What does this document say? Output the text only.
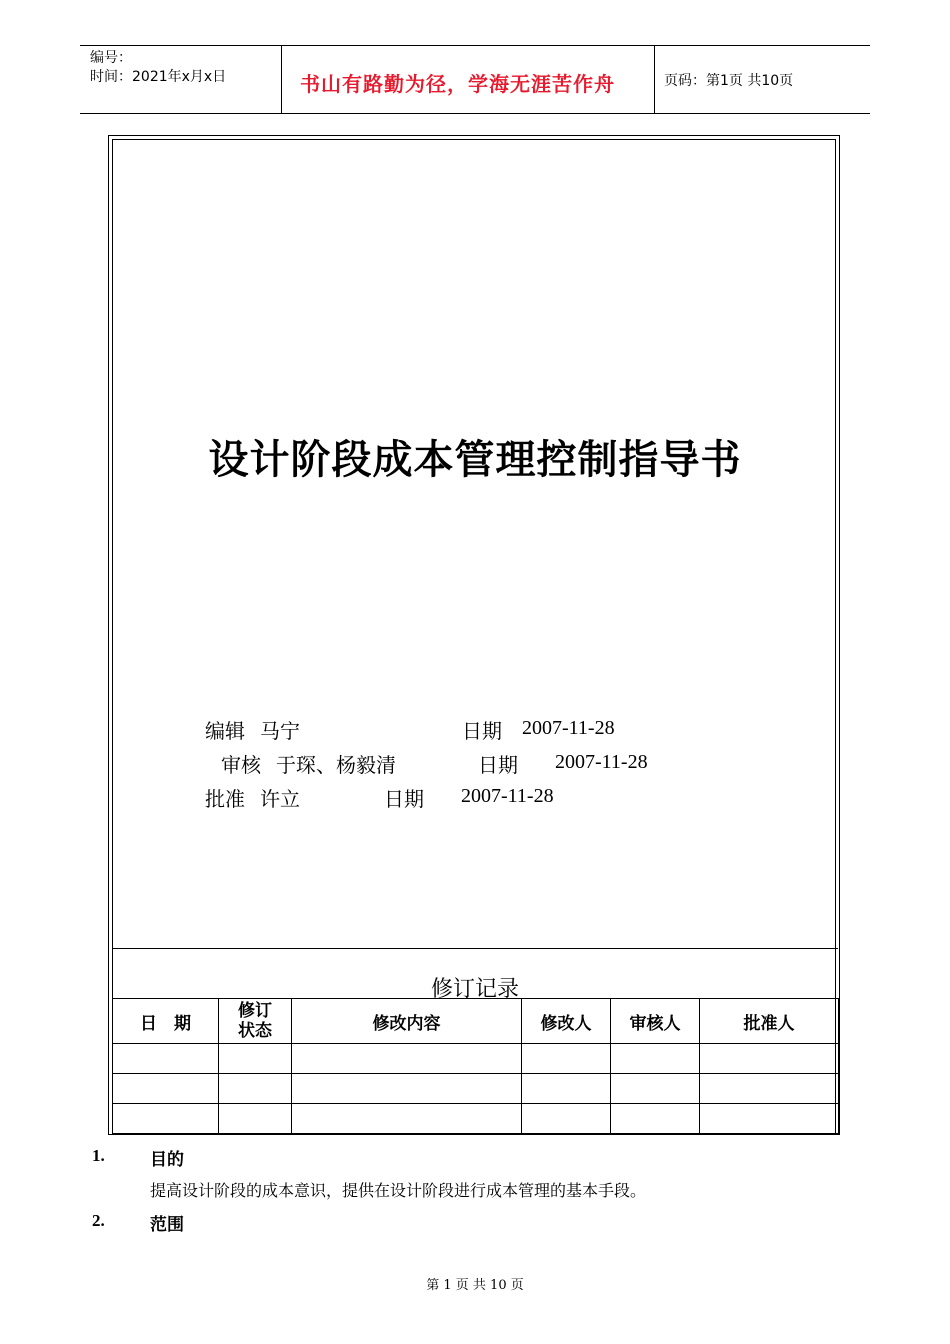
编号：
时间：2021年x月x日	书山有路勤为径，学海无涯苦作舟	页码：第1页 共10页
设计阶段成本管理控制指导书
编辑 马宁	日期 2007-11-28
审核 于琛、杨毅清	日期 2007-11-28
批准 许立	日期 2007-11-28
修订记录
日　期	修订状态	修改内容	修改人	审核人	批准人

1.	目的
提高设计阶段的成本意识，提供在设计阶段进行成本管理的基本手段。
2.	范围
第 1 页 共 10 页
